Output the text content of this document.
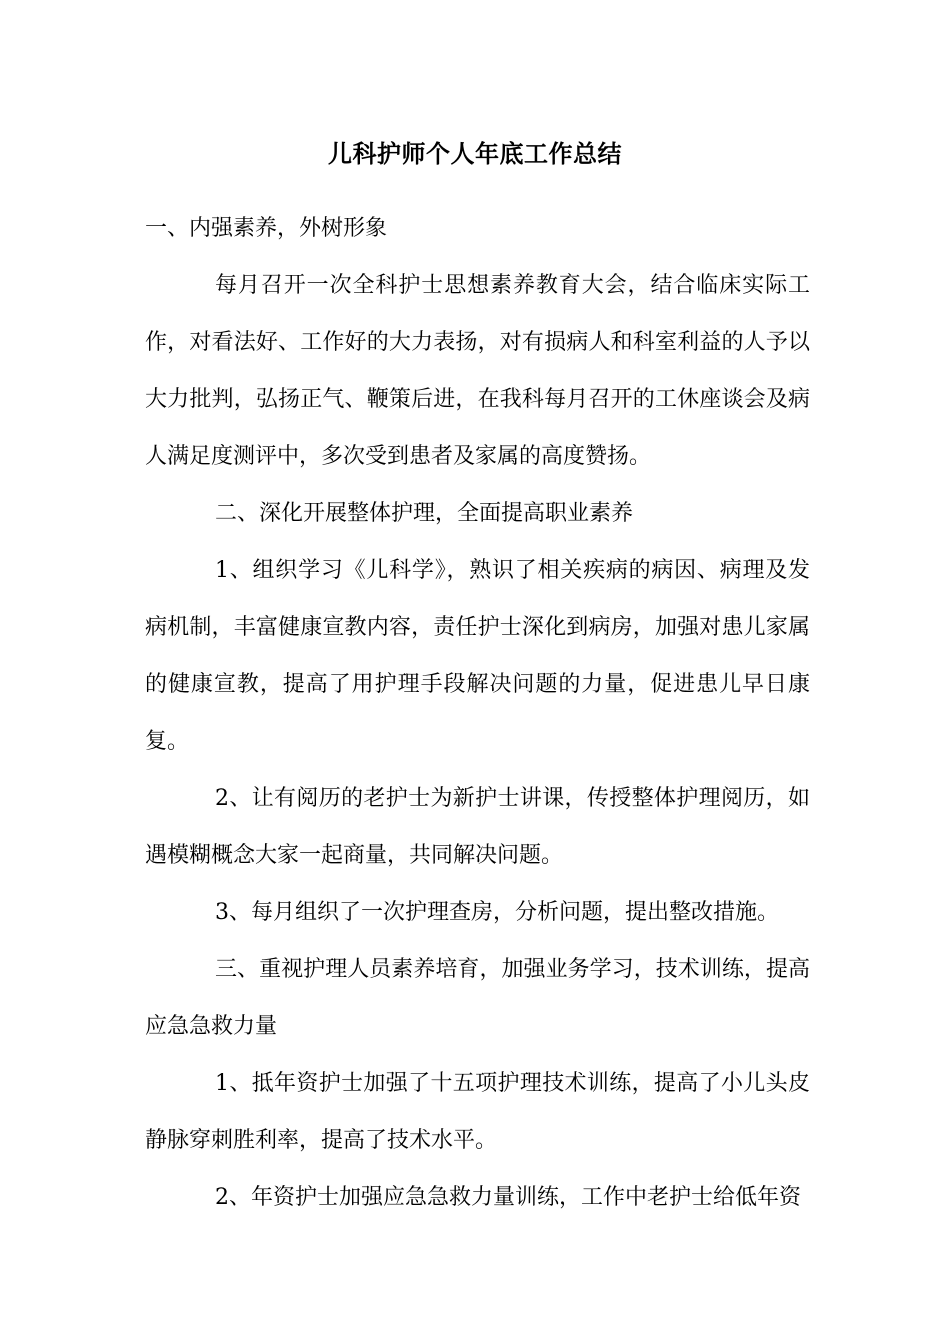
儿科护师个人年底工作总结

一、内强素养，外树形象

每月召开一次全科护士思想素养教育大会，结合临床实际工作，对看法好、工作好的大力表扬，对有损病人和科室利益的人予以大力批判，弘扬正气、鞭策后进，在我科每月召开的工休座谈会及病人满足度测评中，多次受到患者及家属的高度赞扬。

二、深化开展整体护理，全面提高职业素养

1、组织学习《儿科学》，熟识了相关疾病的病因、病理及发病机制，丰富健康宣教内容，责任护士深化到病房，加强对患儿家属的健康宣教，提高了用护理手段解决问题的力量，促进患儿早日康复。

2、让有阅历的老护士为新护士讲课，传授整体护理阅历，如遇模糊概念大家一起商量，共同解决问题。

3、每月组织了一次护理查房，分析问题，提出整改措施。

三、重视护理人员素养培育，加强业务学习，技术训练，提高应急急救力量

1、抵年资护士加强了十五项护理技术训练，提高了小儿头皮静脉穿刺胜利率，提高了技术水平。

2、年资护士加强应急急救力量训练，工作中老护士给低年资
